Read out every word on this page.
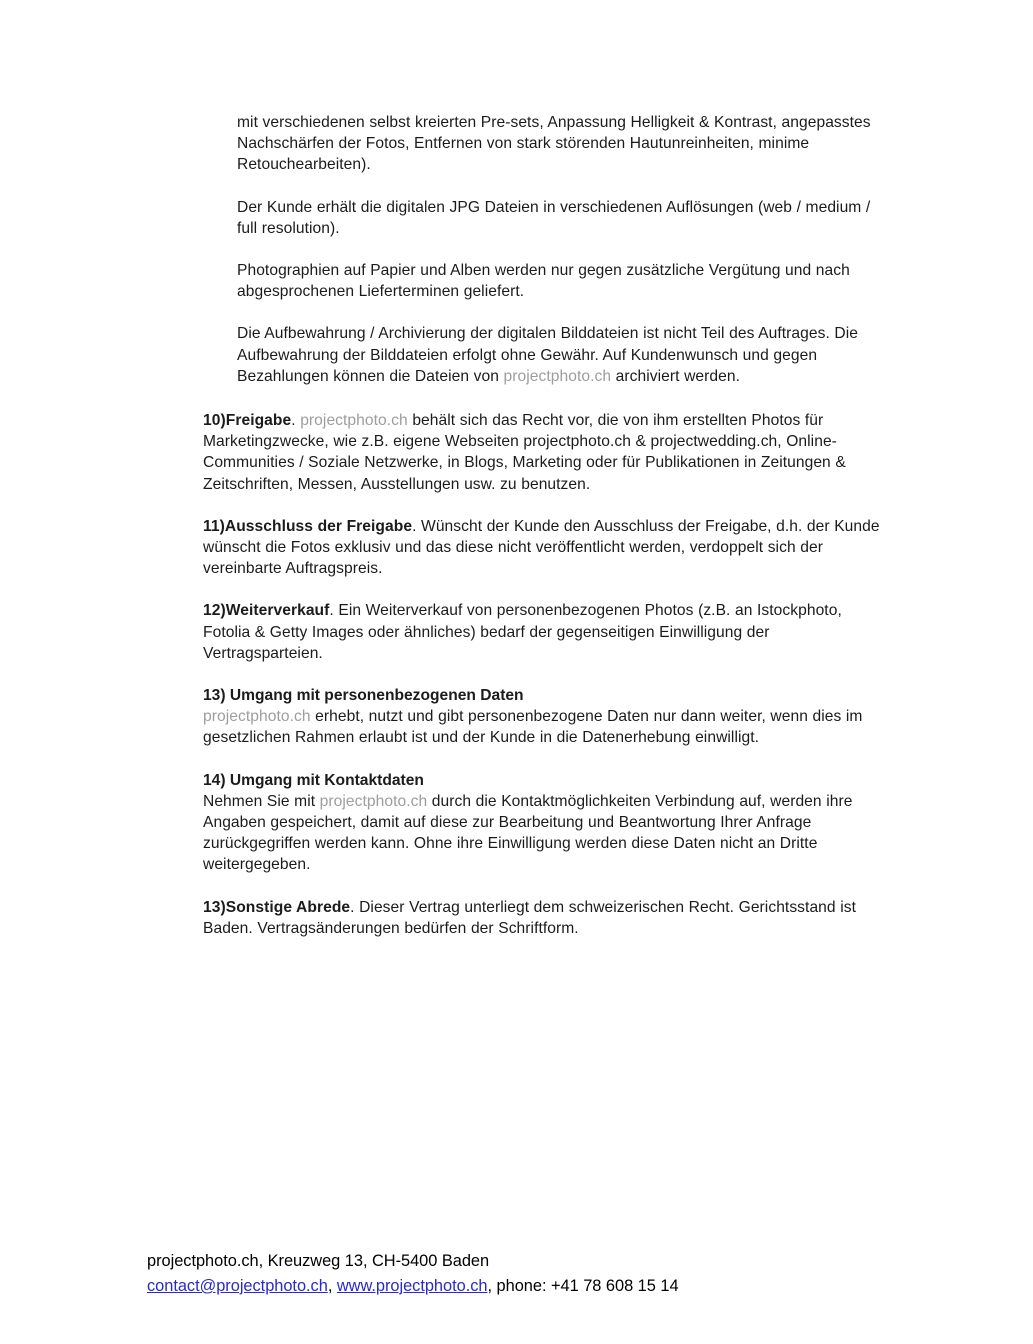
mit verschiedenen selbst kreierten Pre-sets, Anpassung Helligkeit & Kontrast, angepasstes Nachschärfen der Fotos, Entfernen von stark störenden Hautunreinheiten, minime Retouchearbeiten).

Der Kunde erhält die digitalen JPG Dateien in verschiedenen Auflösungen (web / medium / full resolution).

Photographien auf Papier und Alben werden nur gegen zusätzliche Vergütung und nach abgesprochenen Lieferterminen geliefert.

Die Aufbewahrung / Archivierung der digitalen Bilddateien ist nicht Teil des Auftrages. Die Aufbewahrung der Bilddateien erfolgt ohne Gewähr. Auf Kundenwunsch und gegen Bezahlungen können die Dateien von projectphoto.ch archiviert werden.

10)Freigabe. projectphoto.ch behält sich das Recht vor, die von ihm erstellten Photos für Marketingzwecke, wie z.B. eigene Webseiten projectphoto.ch & projectwedding.ch, Online-Communities / Soziale Netzwerke, in Blogs, Marketing oder für Publikationen in Zeitungen & Zeitschriften, Messen, Ausstellungen usw. zu benutzen.

11)Ausschluss der Freigabe. Wünscht der Kunde den Ausschluss der Freigabe, d.h. der Kunde wünscht die Fotos exklusiv und das diese nicht veröffentlicht werden, verdoppelt sich der vereinbarte Auftragspreis.

12)Weiterverkauf. Ein Weiterverkauf von personenbezogenen Photos (z.B. an Istockphoto, Fotolia & Getty Images oder ähnliches) bedarf der gegenseitigen Einwilligung der Vertragsparteien.

13) Umgang mit personenbezogenen Daten

projectphoto.ch erhebt, nutzt und gibt personenbezogene Daten nur dann weiter, wenn dies im gesetzlichen Rahmen erlaubt ist und der Kunde in die Datenerhebung einwilligt.

14) Umgang mit Kontaktdaten

Nehmen Sie mit projectphoto.ch durch die Kontaktmöglichkeiten Verbindung auf, werden ihre Angaben gespeichert, damit auf diese zur Bearbeitung und Beantwortung Ihrer Anfrage zurückgegriffen werden kann. Ohne ihre Einwilligung werden diese Daten nicht an Dritte weitergegeben.

13)Sonstige Abrede. Dieser Vertrag unterliegt dem schweizerischen Recht. Gerichtsstand ist Baden. Vertragsänderungen bedürfen der Schriftform.

projectphoto.ch, Kreuzweg 13, CH-5400 Baden
contact@projectphoto.ch, www.projectphoto.ch, phone: +41 78 608 15 14
